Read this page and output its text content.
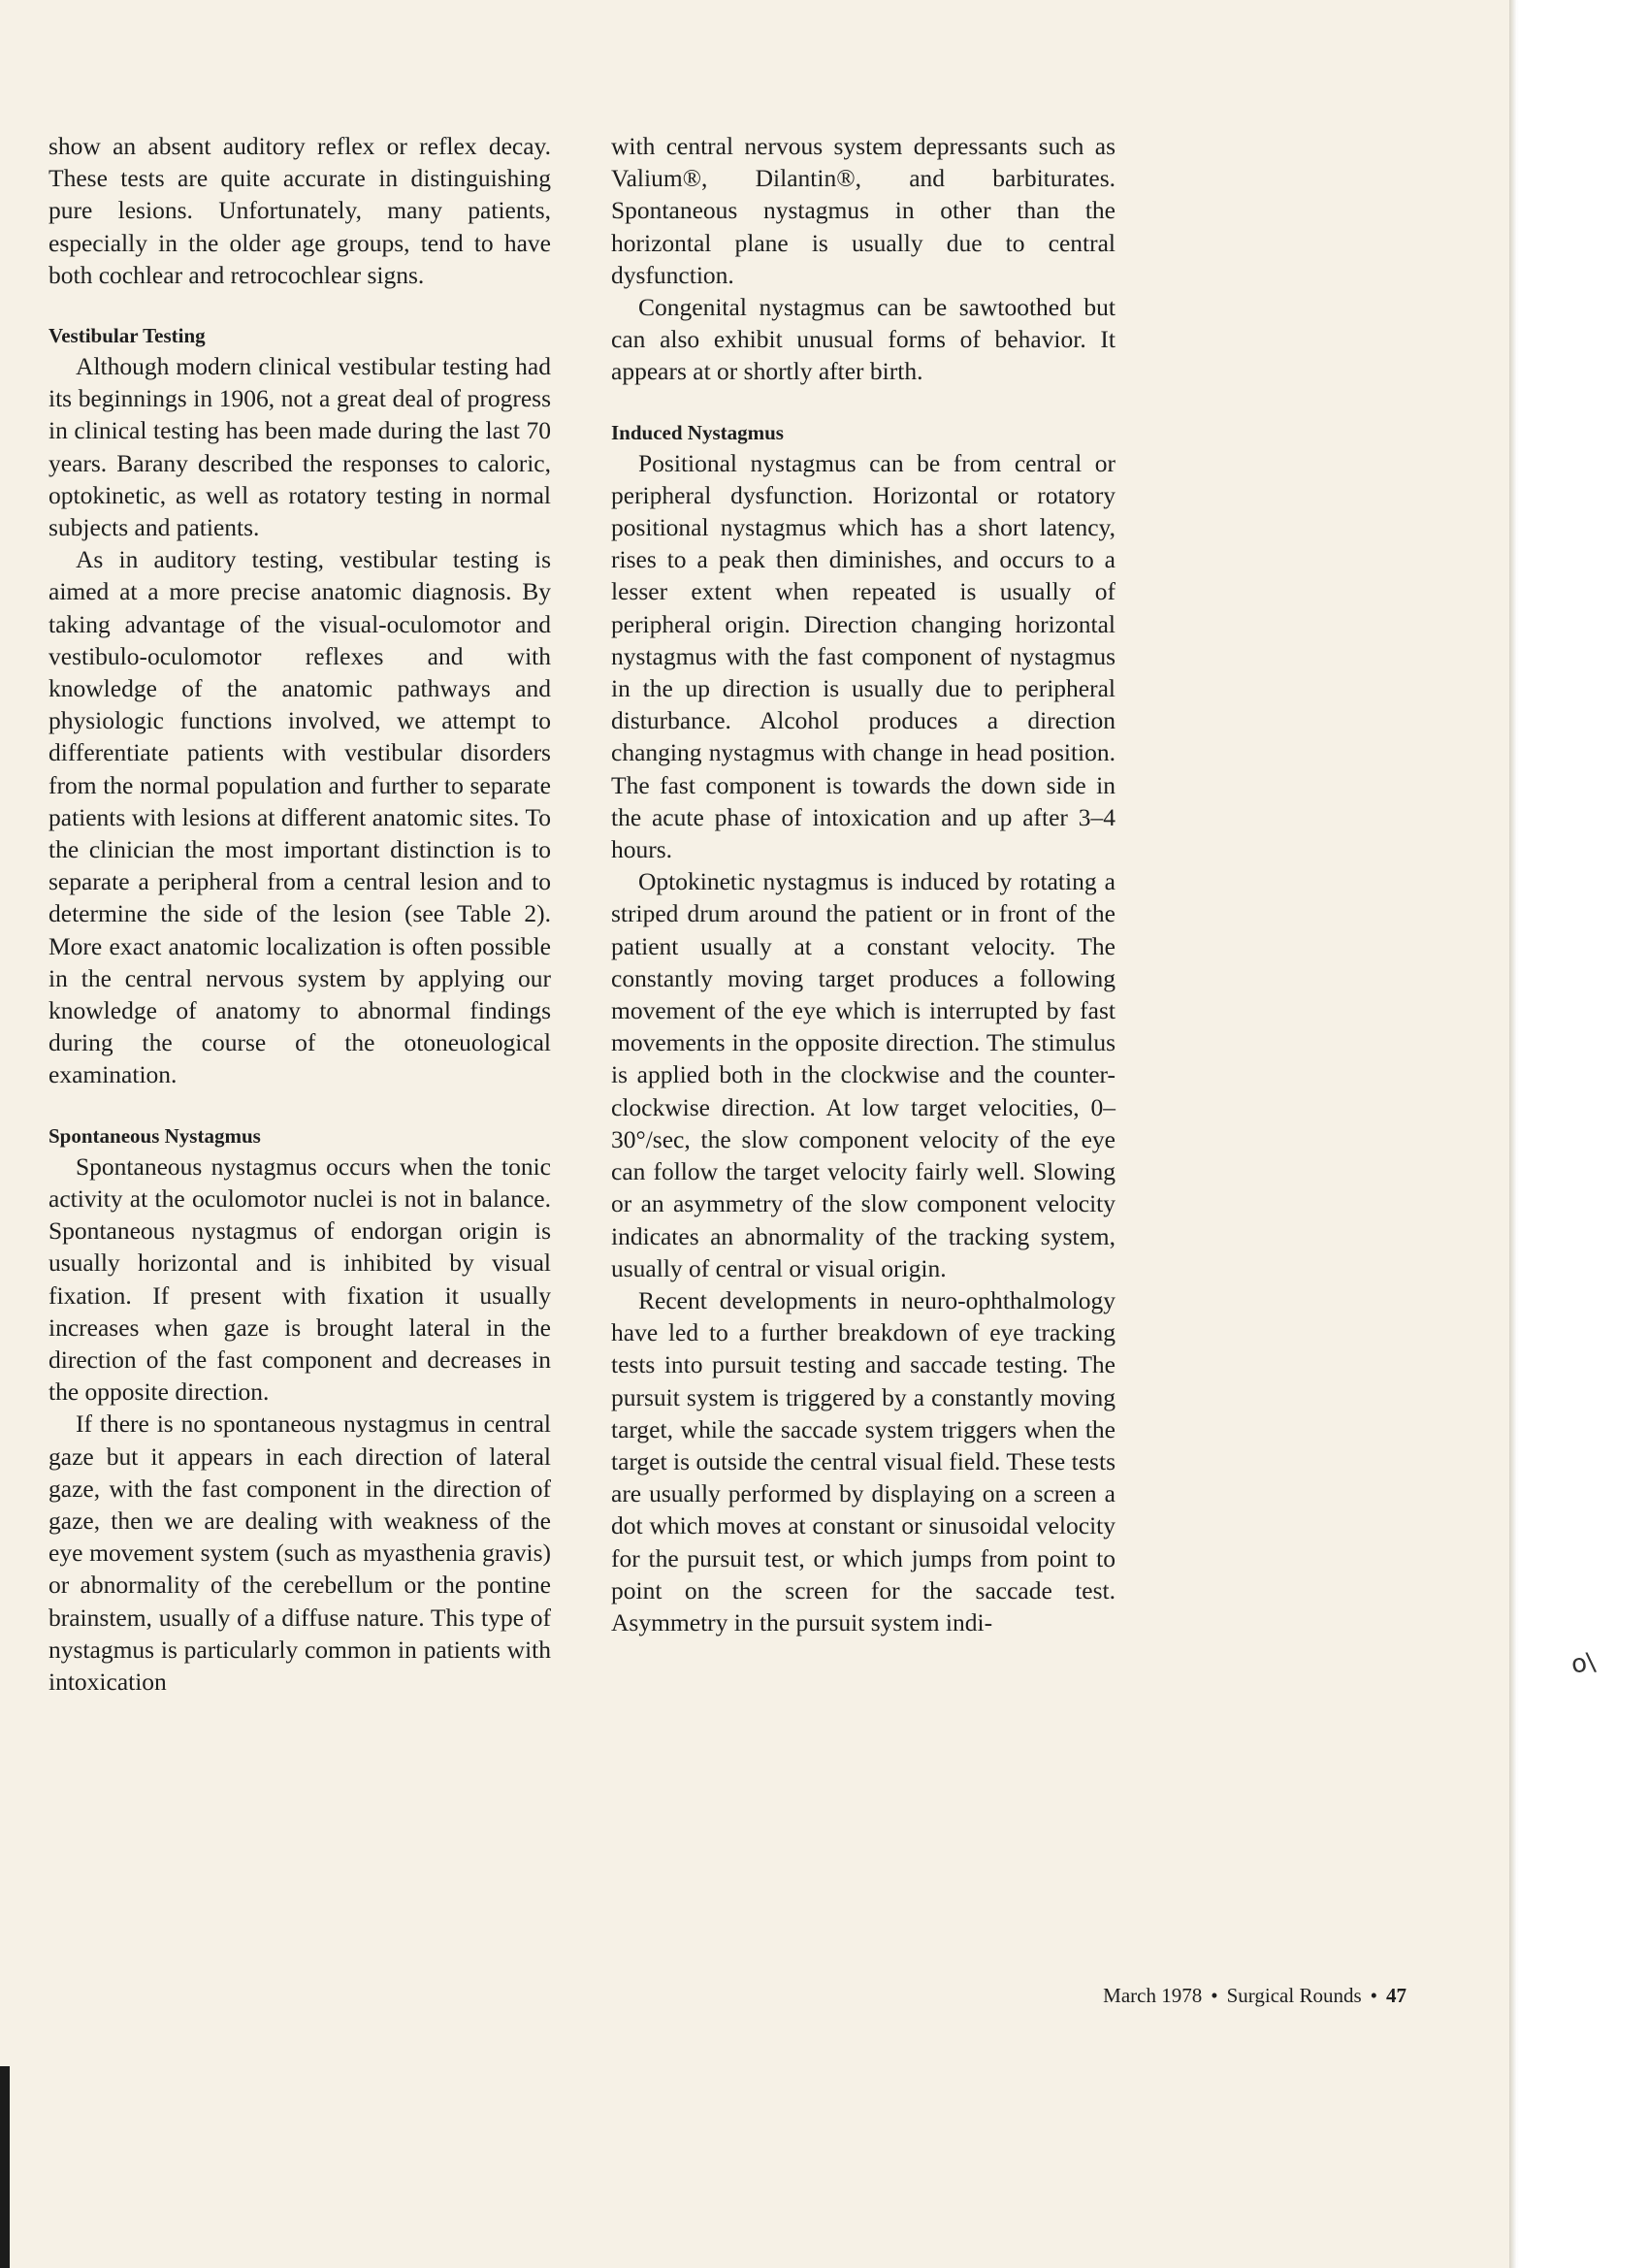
show an absent auditory reflex or reflex decay. These tests are quite accurate in distinguishing pure lesions. Unfortunately, many patients, especially in the older age groups, tend to have both cochlear and retrocochlear signs.

Vestibular Testing

Although modern clinical vestibular testing had its beginnings in 1906, not a great deal of progress in clinical testing has been made during the last 70 years. Barany described the responses to caloric, optokinetic, as well as rotatory testing in normal subjects and patients.

As in auditory testing, vestibular testing is aimed at a more precise anatomic diagnosis. By taking advantage of the visual-oculomotor and vestibulo-oculomotor reflexes and with knowledge of the anatomic pathways and physiologic functions involved, we attempt to differentiate patients with vestibular disorders from the normal population and further to separate patients with lesions at different anatomic sites. To the clinician the most important distinction is to separate a peripheral from a central lesion and to determine the side of the lesion (see Table 2). More exact anatomic localization is often possible in the central nervous system by applying our knowledge of anatomy to abnormal findings during the course of the otoneuological examination.

Spontaneous Nystagmus

Spontaneous nystagmus occurs when the tonic activity at the oculomotor nuclei is not in balance. Spontaneous nystagmus of endorgan origin is usually horizontal and is inhibited by visual fixation. If present with fixation it usually increases when gaze is brought lateral in the direction of the fast component and decreases in the opposite direction.

If there is no spontaneous nystagmus in central gaze but it appears in each direction of lateral gaze, with the fast component in the direction of gaze, then we are dealing with weakness of the eye movement system (such as myasthenia gravis) or abnormality of the cerebellum or the pontine brainstem, usually of a diffuse nature. This type of nystagmus is particularly common in patients with intoxication

with central nervous system depressants such as Valium®, Dilantin®, and barbiturates. Spontaneous nystagmus in other than the horizontal plane is usually due to central dysfunction.

Congenital nystagmus can be sawtoothed but can also exhibit unusual forms of behavior. It appears at or shortly after birth.

Induced Nystagmus

Positional nystagmus can be from central or peripheral dysfunction. Horizontal or rotatory positional nystagmus which has a short latency, rises to a peak then diminishes, and occurs to a lesser extent when repeated is usually of peripheral origin. Direction changing horizontal nystagmus with the fast component of nystagmus in the up direction is usually due to peripheral disturbance. Alcohol produces a direction changing nystagmus with change in head position. The fast component is towards the down side in the acute phase of intoxication and up after 3–4 hours.

Optokinetic nystagmus is induced by rotating a striped drum around the patient or in front of the patient usually at a constant velocity. The constantly moving target produces a following movement of the eye which is interrupted by fast movements in the opposite direction. The stimulus is applied both in the clockwise and the counter-clockwise direction. At low target velocities, 0–30°/sec, the slow component velocity of the eye can follow the target velocity fairly well. Slowing or an asymmetry of the slow component velocity indicates an abnormality of the tracking system, usually of central or visual origin.

Recent developments in neuro-ophthalmology have led to a further breakdown of eye tracking tests into pursuit testing and saccade testing. The pursuit system is triggered by a constantly moving target, while the saccade system triggers when the target is outside the central visual field. These tests are usually performed by displaying on a screen a dot which moves at constant or sinusoidal velocity for the pursuit test, or which jumps from point to point on the screen for the saccade test. Asymmetry in the pursuit system indi-

March 1978 • Surgical Rounds • 47
o\
